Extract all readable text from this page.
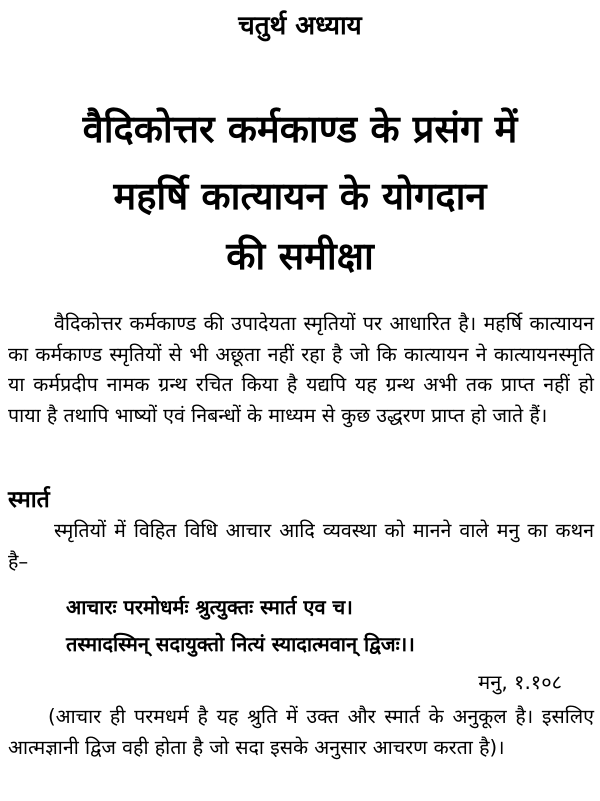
चतुर्थ अध्याय
वैदिकोत्तर कर्मकाण्ड के प्रसंग में
महर्षि कात्यायन के योगदान
की समीक्षा

वैदिकोत्तर कर्मकाण्ड की उपादेयता स्मृतियों पर आधारित है। महर्षि कात्यायन का कर्मकाण्ड स्मृतियों से भी अछूता नहीं रहा है जो कि कात्यायन ने कात्यायनस्मृति या कर्मप्रदीप नामक ग्रन्थ रचित किया है यद्यपि यह ग्रन्थ अभी तक प्राप्त नहीं हो पाया है तथापि भाष्यों एवं निबन्धों के माध्यम से कुछ उद्धरण प्राप्त हो जाते हैं।

स्मार्त

स्मृतियों में विहित विधि आचार आदि व्यवस्था को मानने वाले मनु का कथन है–

आचारः परमोधर्मः श्रुत्युक्तः स्मार्त एव च।
तस्मादस्मिन् सदायुक्तो नित्यं स्यादात्मवान् द्विजः।।
मनु, १.१०८

(आचार ही परमधर्म है यह श्रुति में उक्त और स्मार्त के अनुकूल है। इसलिए आत्मज्ञानी द्विज वही होता है जो सदा इसके अनुसार आचरण करता है)।
